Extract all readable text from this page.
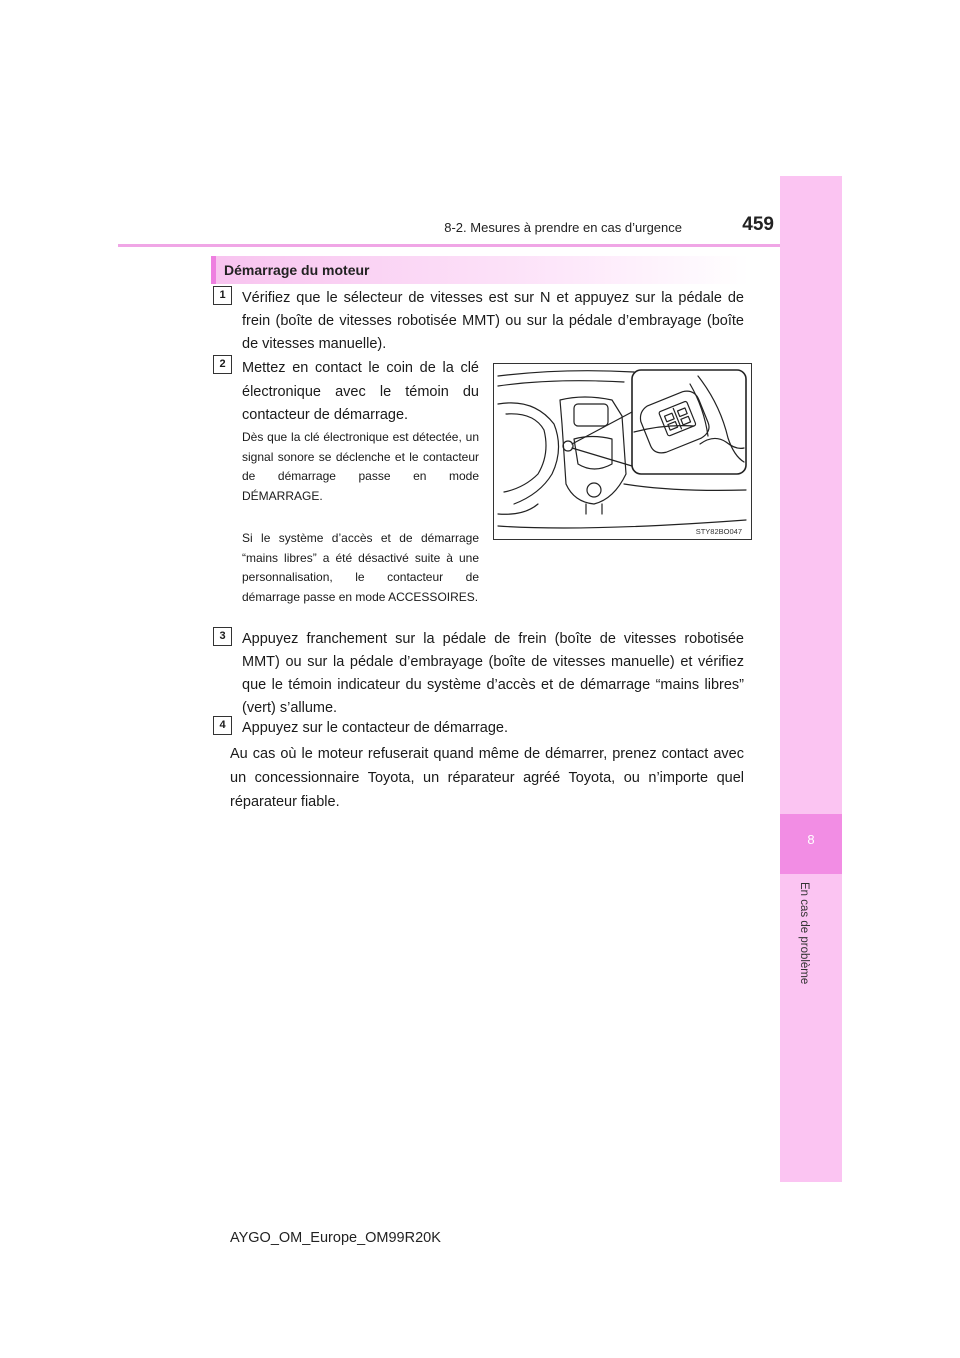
8-2. Mesures à prendre en cas d’urgence	459
8
En cas de problème
Démarrage du moteur
1	Vérifiez que le sélecteur de vitesses est sur N et appuyez sur la pédale de frein (boîte de vitesses robotisée MMT) ou sur la pédale d’embrayage (boîte de vitesses manuelle).
2	Mettez en contact le coin de la clé électronique avec le témoin du contacteur de démarrage.
Dès que la clé électronique est détectée, un signal sonore se déclenche et le contacteur de démarrage passe en mode DÉMARRAGE.
Si le système d’accès et de démarrage “mains libres” a été désactivé suite à une personnalisation, le contacteur de démarrage passe en mode ACCESSOIRES.
STY82BO047
3	Appuyez franchement sur la pédale de frein (boîte de vitesses robotisée MMT) ou sur la pédale d’embrayage (boîte de vitesses manuelle) et vérifiez que le témoin indicateur du système d’accès et de démarrage “mains libres” (vert) s’allume.
4	Appuyez sur le contacteur de démarrage.
Au cas où le moteur refuserait quand même de démarrer, prenez contact avec un concessionnaire Toyota, un réparateur agréé Toyota, ou n’importe quel réparateur fiable.
AYGO_OM_Europe_OM99R20K
